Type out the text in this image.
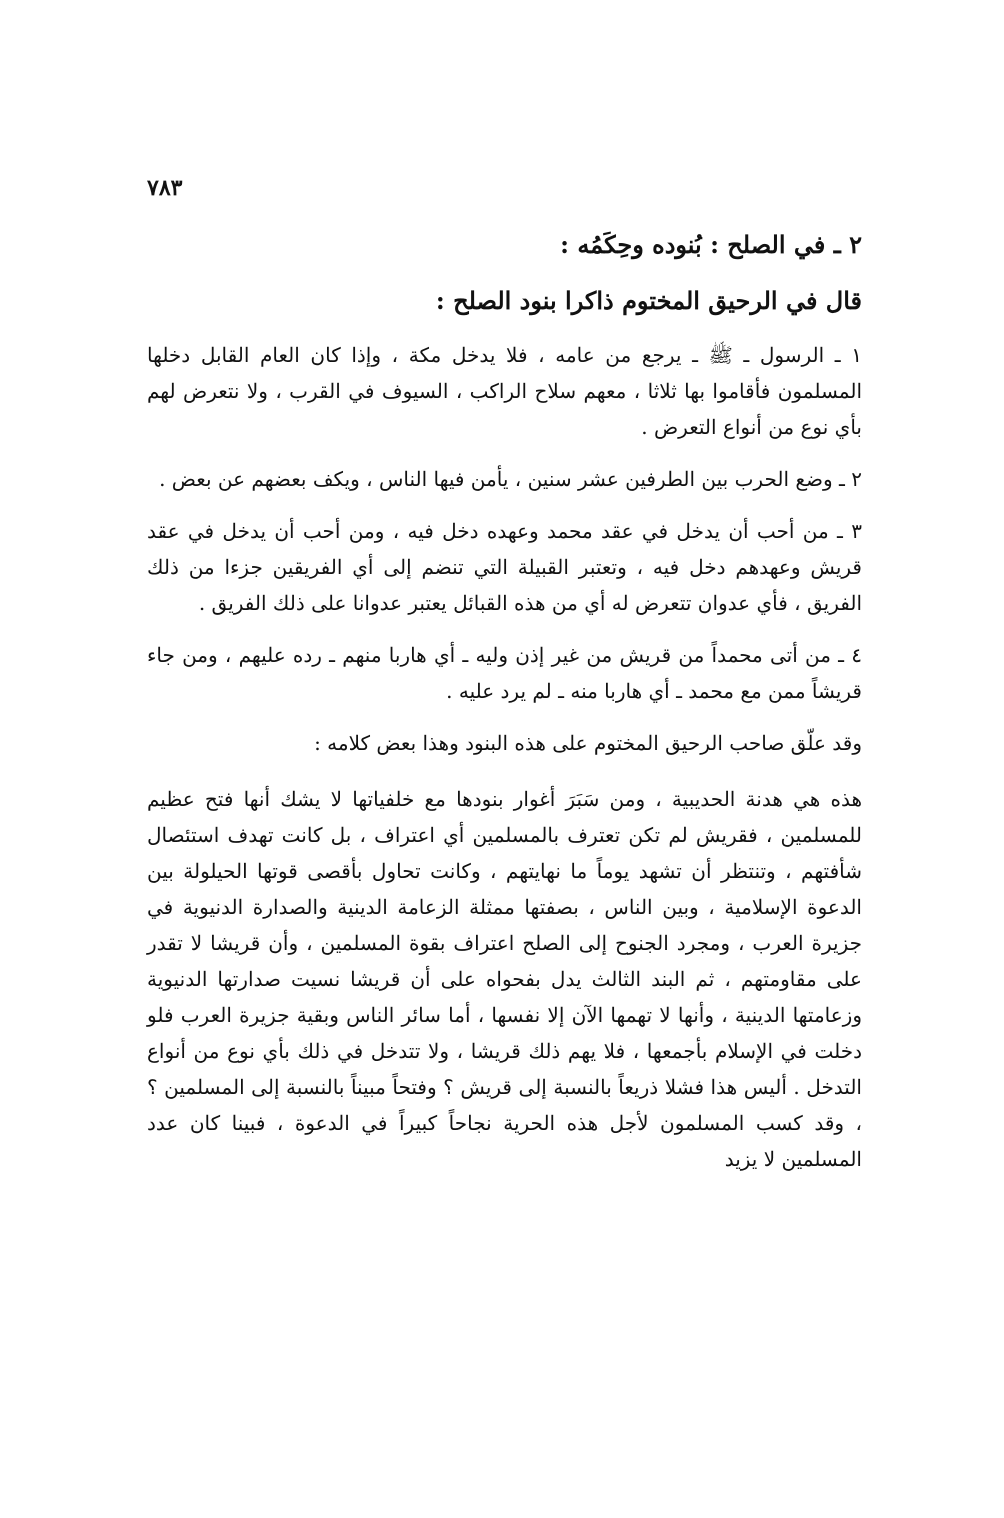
٧٨٣
٢ ـ في الصلح : بُنوده وحِكَمُه :
قال في الرحيق المختوم ذاكرا بنود الصلح :

١ ـ الرسول ـ ﷺ ـ يرجع من عامه ، فلا يدخل مكة ، وإذا كان العام القابل دخلها المسلمون فأقاموا بها ثلاثا ، معهم سلاح الراكب ، السيوف في القرب ، ولا نتعرض لهم بأي نوع من أنواع التعرض .

٢ ـ وضع الحرب بين الطرفين عشر سنين ، يأمن فيها الناس ، ويكف بعضهم عن بعض .

٣ ـ من أحب أن يدخل في عقد محمد وعهده دخل فيه ، ومن أحب أن يدخل في عقد قريش وعهدهم دخل فيه ، وتعتبر القبيلة التي تنضم إلى أي الفريقين جزءا من ذلك الفريق ، فأي عدوان تتعرض له أي من هذه القبائل يعتبر عدوانا على ذلك الفريق .

٤ ـ من أتى محمداً من قريش من غير إذن وليه ـ أي هاربا منهم ـ رده عليهم ، ومن جاء قريشاً ممن مع محمد ـ أي هاربا منه ـ لم يرد عليه .

وقد علّق صاحب الرحيق المختوم على هذه البنود وهذا بعض كلامه :

هذه هي هدنة الحديبية ، ومن سَبَرَ أغوار بنودها مع خلفياتها لا يشك أنها فتح عظيم للمسلمين ، فقريش لم تكن تعترف بالمسلمين أي اعتراف ، بل كانت تهدف استئصال شأفتهم ، وتنتظر أن تشهد يوماً ما نهايتهم ، وكانت تحاول بأقصى قوتها الحيلولة بين الدعوة الإسلامية ، وبين الناس ، بصفتها ممثلة الزعامة الدينية والصدارة الدنيوية في جزيرة العرب ، ومجرد الجنوح إلى الصلح اعتراف بقوة المسلمين ، وأن قريشا لا تقدر على مقاومتهم ، ثم البند الثالث يدل بفحواه على أن قريشا نسيت صدارتها الدنيوية وزعامتها الدينية ، وأنها لا تهمها الآن إلا نفسها ، أما سائر الناس وبقية جزيرة العرب فلو دخلت في الإسلام بأجمعها ، فلا يهم ذلك قريشا ، ولا تتدخل في ذلك بأي نوع من أنواع التدخل . أليس هذا فشلا ذريعاً بالنسبة إلى قريش ؟ وفتحاً مبيناً بالنسبة إلى المسلمين ؟ ، وقد كسب المسلمون لأجل هذه الحرية نجاحاً كبيراً في الدعوة ، فبينا كان عدد المسلمين لا يزيد
